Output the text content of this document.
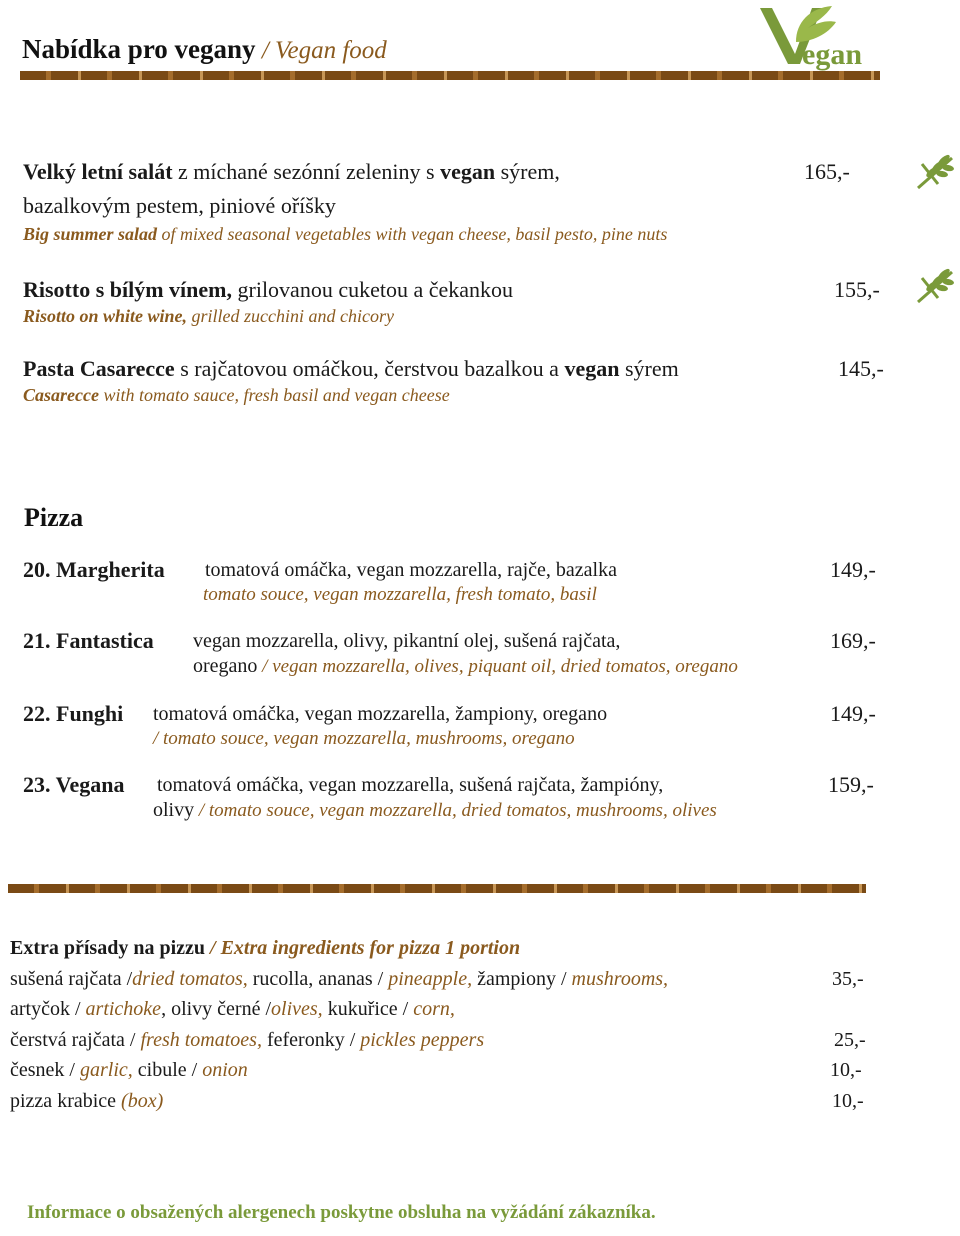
Nabídka pro vegany / Vegan food	egan
Velký letní salát z míchané sezónní zeleniny s vegan sýrem,	165,-
bazalkovým pestem, piniové oříšky
Big summer salad of mixed seasonal vegetables with vegan cheese, basil pesto, pine nuts
Risotto s bílým vínem, grilovanou cuketou a čekankou	155,-
Risotto on white wine, grilled zucchini and chicory
Pasta Casarecce s rajčatovou omáčkou, čerstvou bazalkou a vegan sýrem	145,-
Casarecce with tomato sauce, fresh basil and vegan cheese
Pizza
20. Margherita tomatová omáčka, vegan mozzarella, rajče, bazalka	149,-
tomato souce, vegan mozzarella, fresh tomato, basil
21. Fantastica vegan mozzarella, olivy, pikantní olej, sušená rajčata,	169,-
oregano / vegan mozzarella, olives, piquant oil, dried tomatos, oregano
22. Funghi tomatová omáčka, vegan mozzarella, žampiony, oregano	149,-
/ tomato souce, vegan mozzarella, mushrooms, oregano
23. Vegana tomatová omáčka, vegan mozzarella, sušená rajčata, žampióny,	159,-
olivy / tomato souce, vegan mozzarella, dried tomatos, mushrooms, olives
Extra přísady na pizzu / Extra ingredients for pizza 1 portion
sušená rajčata /dried tomatos, rucolla, ananas / pineapple, žampiony / mushrooms,	35,-
artyčok / artichoke, olivy černé /olives, kukuřice / corn,
čerstvá rajčata / fresh tomatoes, feferonky / pickles peppers	25,-
česnek / garlic, cibule / onion	10,-
pizza krabice (box)	10,-
Informace o obsažených alergenech poskytne obsluha na vyžádání zákazníka.
